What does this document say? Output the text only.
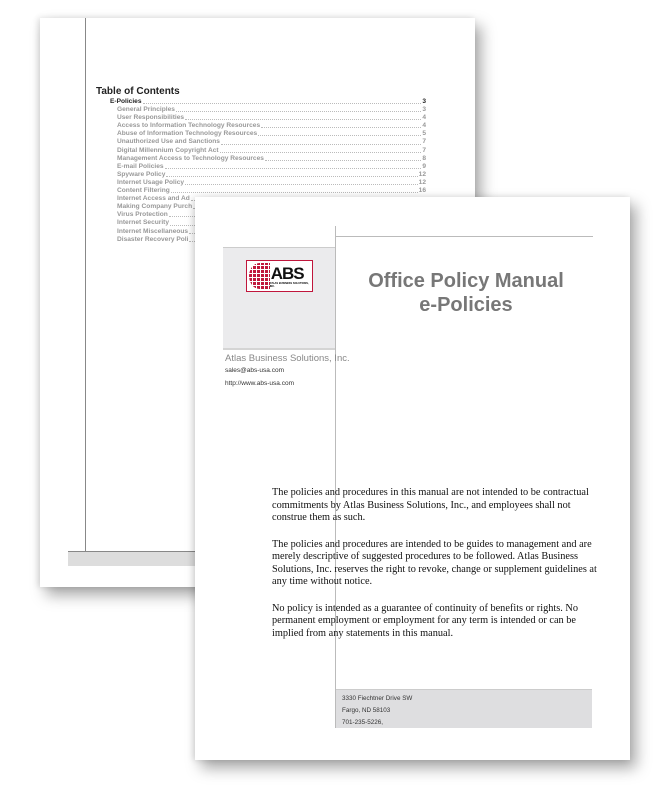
Table of Contents
E-Policies	3
General Principles	3
User Responsibilities	4
Access to Information Technology Resources	4
Abuse of Information Technology Resources	5
Unauthorized Use and Sanctions	7
Digital Millennium Copyright Act	7
Management Access to Technology Resources	8
E-mail Policies	9
Spyware Policy	12
Internet Usage Policy	12
Content Filtering	16
Internet Access and Ad
Making Company Purch
Virus Protection
Internet Security
Internet Miscellaneous
Disaster Recovery Poli
ABS
ATLAS BUSINESS SOLUTIONS, INC.	Office Policy Manual
e-Policies
Atlas Business Solutions, Inc.
sales@abs-usa.com
http://www.abs-usa.com

The policies and procedures in this manual are not intended to be contractual commitments by Atlas Business Solutions, Inc., and employees shall not construe them as such.

The policies and procedures are intended to be guides to management and are merely descriptive of suggested procedures to be followed. Atlas Business Solutions, Inc. reserves the right to revoke, change or supplement guidelines at any time without notice.

No policy is intended as a guarantee of continuity of benefits or rights. No permanent employment or employment for any term is intended or can be implied from any statements in this manual.

3330 Fiechtner Drive SW
Fargo, ND 58103
701-235-5226,
